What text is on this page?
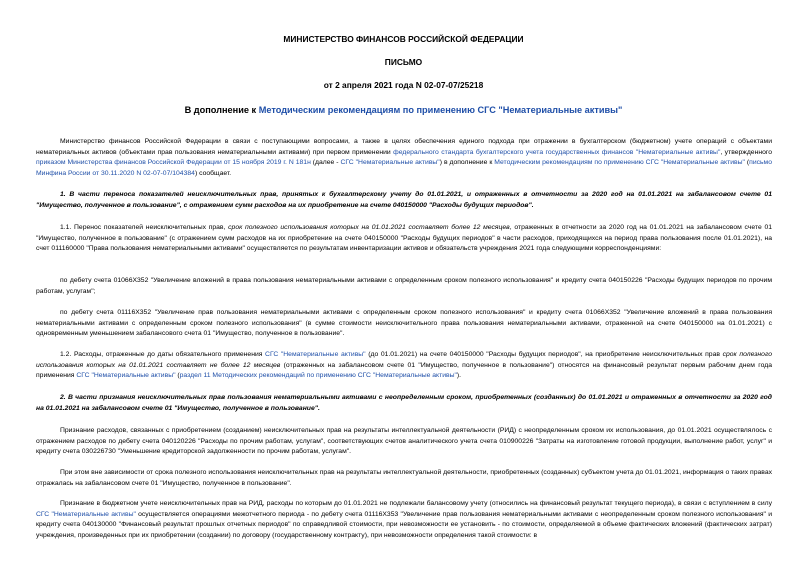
МИНИСТЕРСТВО ФИНАНСОВ РОССИЙСКОЙ ФЕДЕРАЦИИ
ПИСЬМО
от 2 апреля 2021 года N 02-07-07/25218
В дополнение к Методическим рекомендациям по применению СГС "Нематериальные активы"

Министерство финансов Российской Федерации в связи с поступающими вопросами, а также в целях обеспечения единого подхода при отражении в бухгалтерском (бюджетном) учете операций с объектами нематериальных активов (объектами прав пользования нематериальными активами) при первом применении федерального стандарта бухгалтерского учета государственных финансов "Нематериальные активы", утвержденного приказом Министерства финансов Российской Федерации от 15 ноября 2019 г. N 181н (далее - СГС "Нематериальные активы") в дополнение к Методическим рекомендациям по применению СГС "Нематериальные активы" (письмо Минфина России от 30.11.2020 N 02-07-07/104384) сообщает.

1. В части переноса показателей неисключительных прав, принятых к бухгалтерскому учету до 01.01.2021, и отраженных в отчетности за 2020 год на 01.01.2021 на забалансовом счете 01 "Имущество, полученное в пользование", с отражением сумм расходов на их приобретение на счете 040150000 "Расходы будущих периодов".

1.1. Перенос показателей неисключительных прав, срок полезного использования которых на 01.01.2021 составляет более 12 месяцев, отраженных в отчетности за 2020 год на 01.01.2021 на забалансовом счете 01 "Имущество, полученное в пользование" (с отражением сумм расходов на их приобретение на счете 040150000 "Расходы будущих периодов" в части расходов, приходящихся на период права пользования после 01.01.2021), на счет 011160000 "Права пользования нематериальными активами" осуществляется по результатам инвентаризации активов и обязательств учреждения 2021 года следующими корреспонденциями:

по дебету счета 01066Х352 "Увеличение вложений в права пользования нематериальными активами с определенным сроком полезного использования" и кредиту счета 040150226 "Расходы будущих периодов по прочим работам, услугам";

по дебету счета 01116Х352 "Увеличение прав пользования нематериальными активами с определенным сроком полезного использования" и кредиту счета 01066Х352 "Увеличение вложений в права пользования нематериальными активами с определенным сроком полезного использования" (в сумме стоимости неисключительного права пользования нематериальными активами, отраженной на счете 040150000 на 01.01.2021) с одновременным уменьшением забалансового счета 01 "Имущество, полученное в пользование".

1.2. Расходы, отраженные до даты обязательного применения СГС "Нематериальные активы" (до 01.01.2021) на счете 040150000 "Расходы будущих периодов", на приобретение неисключительных прав срок полезного использования которых на 01.01.2021 составляет не более 12 месяцев (отраженных на забалансовом счете 01 "Имущество, полученное в пользование") относятся на финансовый результат первым рабочим днем года применения СГС "Нематериальные активы" (раздел 11 Методических рекомендаций по применению СГС "Нематериальные активы").

2. В части признания неисключительных прав пользования нематериальными активами с неопределенным сроком, приобретенных (созданных) до 01.01.2021 и отраженных в отчетности за 2020 год на 01.01.2021 на забалансовом счете 01 "Имущество, полученное в пользование".

Признание расходов, связанных с приобретением (созданием) неисключительных прав на результаты интеллектуальной деятельности (РИД) с неопределенным сроком их использования, до 01.01.2021 осуществлялось с отражением расходов по дебету счета 040120226 "Расходы по прочим работам, услугам", соответствующих счетов аналитического учета счета 010900226 "Затраты на изготовление готовой продукции, выполнение работ, услуг" и кредиту счета 030226730 "Уменьшение кредиторской задолженности по прочим работам, услугам".

При этом вне зависимости от срока полезного использования неисключительных прав на результаты интеллектуальной деятельности, приобретенных (созданных) субъектом учета до 01.01.2021, информация о таких правах отражалась на забалансовом счете 01 "Имущество, полученное в пользование".

Признание в бюджетном учете неисключительных прав на РИД, расходы по которым до 01.01.2021 не подлежали балансовому учету (относились на финансовый результат текущего периода), в связи с вступлением в силу СГС "Нематериальные активы" осуществляется операциями межотчетного периода - по дебету счета 01116Х353 "Увеличение прав пользования нематериальными активами с неопределенным сроком полезного использования" и кредиту счета 040130000 "Финансовый результат прошлых отчетных периодов" по справедливой стоимости, при невозможности ее установить - по стоимости, определяемой в объеме фактических вложений (фактических затрат) учреждения, произведенных при их приобретении (создании) по договору (государственному контракту), при невозможности определения такой стоимости: в
